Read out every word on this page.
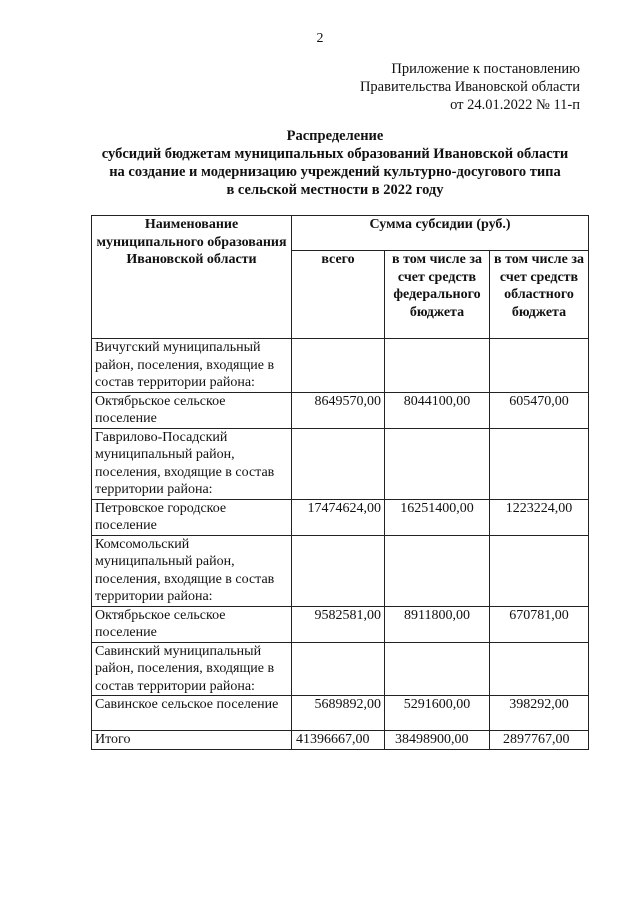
2
Приложение к постановлению
Правительства Ивановской области
от 24.01.2022 № 11-п
Распределение
субсидий бюджетам муниципальных образований Ивановской области
на создание и модернизацию учреждений культурно-досугового типа
в сельской местности в 2022 году
Наименование муниципального образования Ивановской области	Сумма субсидии (руб.)		
	всего	в том числе за счет средств федерального бюджета	в том числе за счет средств областного бюджета
Вичугский муниципальный район, поселения, входящие в состав территории района:			
Октябрьское сельское поселение	8649570,00	8044100,00	605470,00
Гаврилово-Посадский муниципальный район, поселения, входящие в состав территории района:			
Петровское городское поселение	17474624,00	16251400,00	1223224,00
Комсомольский муниципальный район, поселения, входящие в состав территории района:			
Октябрьское сельское поселение	9582581,00	8911800,00	670781,00
Савинский муниципальный район, поселения, входящие в состав территории района:			
Савинское сельское поселение	5689892,00	5291600,00	398292,00
Итого	41396667,00	38498900,00	2897767,00
